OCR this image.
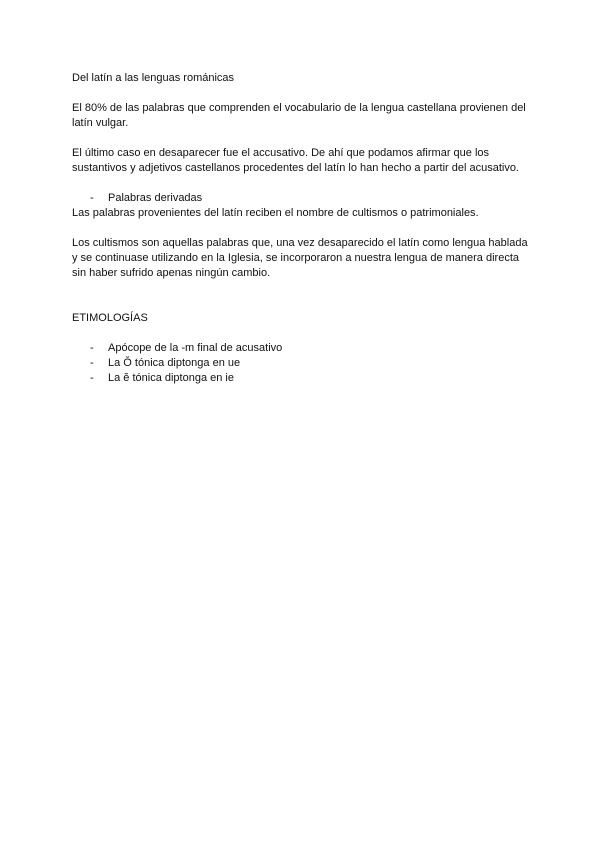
Del latín a las lenguas románicas

El 80% de las palabras que comprenden el vocabulario de la lengua castellana provienen del latín vulgar.

El último caso en desaparecer fue el accusativo. De ahí que podamos afirmar que los sustantivos y adjetivos castellanos procedentes del latín lo han hecho a partir del acusativo.

- Palabras derivadas

Las palabras provenientes del latín reciben el nombre de cultismos o patrimoniales.

Los cultismos son aquellas palabras que, una vez desaparecido el latín como lengua hablada y se continuase utilizando en la Iglesia, se incorporaron a nuestra lengua de manera directa sin haber sufrido apenas ningún cambio.

ETIMOLOGÍAS

- Apócope de la -m final de acusativo
- La Ŏ tónica diptonga en ue
- La ĕ tónica diptonga en ie
